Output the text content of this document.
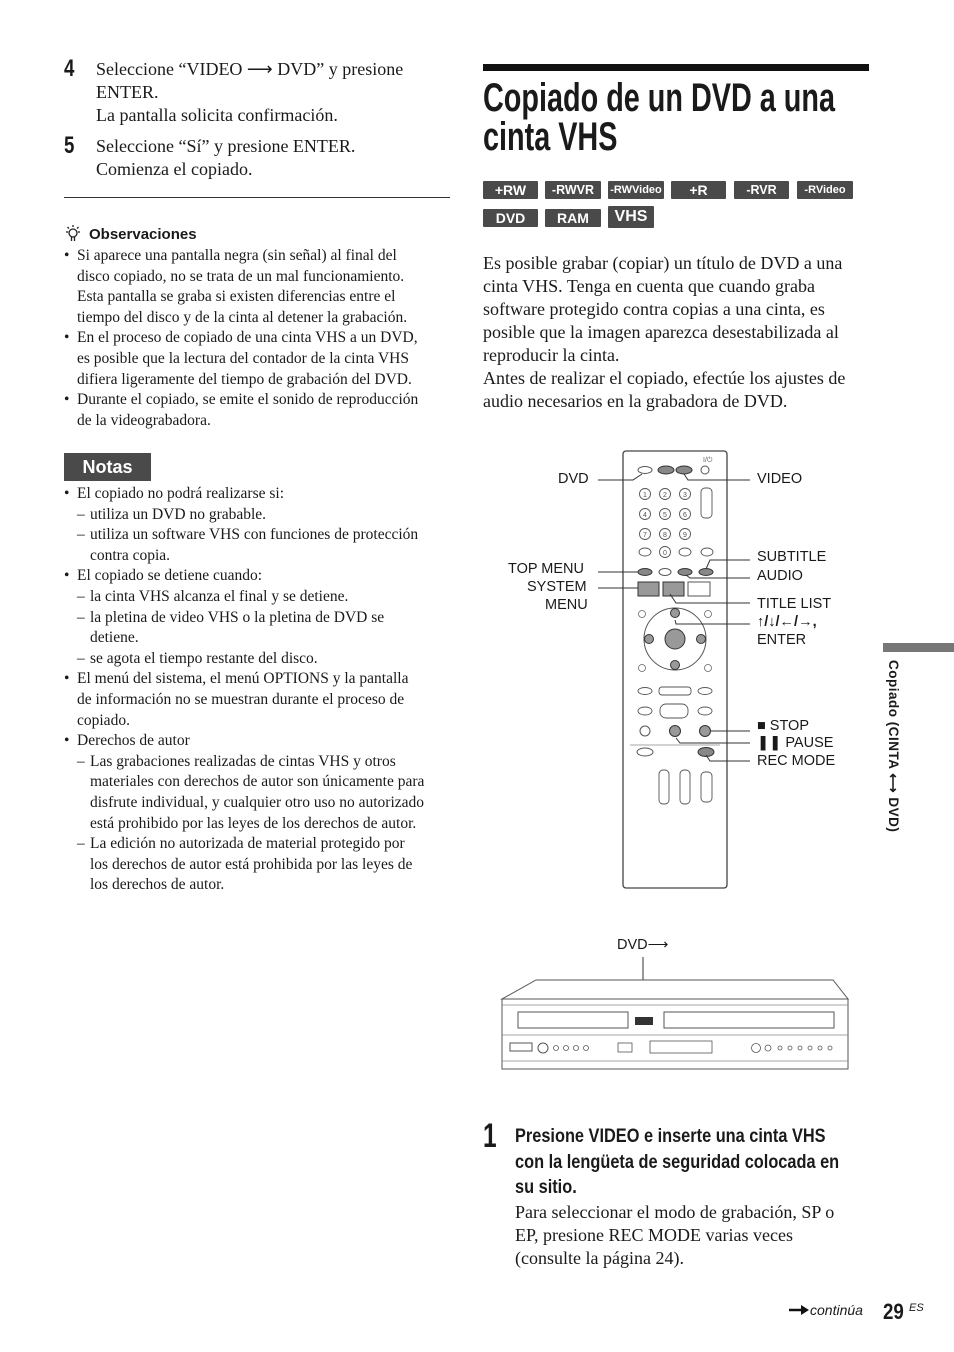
4 Seleccione “VIDEO ⟶ DVD” y presione
ENTER.
La pantalla solicita confirmación.
5 Seleccione “Sí” y presione ENTER.
Comienza el copiado.
Observaciones
• Si aparece una pantalla negra (sin señal) al final del
disco copiado, no se trata de un mal funcionamiento.
Esta pantalla se graba si existen diferencias entre el
tiempo del disco y de la cinta al detener la grabación.
• En el proceso de copiado de una cinta VHS a un DVD,
es posible que la lectura del contador de la cinta VHS
difiera ligeramente del tiempo de grabación del DVD.
• Durante el copiado, se emite el sonido de reproducción
de la videograbadora.
Notas
• El copiado no podrá realizarse si:
– utiliza un DVD no grabable.
– utiliza un software VHS con funciones de protección
contra copia.
• El copiado se detiene cuando:
– la cinta VHS alcanza el final y se detiene.
– la pletina de video VHS o la pletina de DVD se
detiene.
– se agota el tiempo restante del disco.
• El menú del sistema, el menú OPTIONS y la pantalla
de información no se muestran durante el proceso de
copiado.
• Derechos de autor
– Las grabaciones realizadas de cintas VHS y otros
materiales con derechos de autor son únicamente para
disfrute individual, y cualquier otro uso no autorizado
está prohibido por las leyes de los derechos de autor.
– La edición no autorizada de material protegido por
los derechos de autor está prohibida por las leyes de
los derechos de autor.
Copiado de un DVD a una
cinta VHS
+RW	-RWVR	-RWVideo	+R	-RVR	-RVideo
DVD	RAM	VHS
Es posible grabar (copiar) un título de DVD a una
cinta VHS. Tenga en cuenta que cuando graba
software protegido contra copias a una cinta, es
posible que la imagen aparezca desestabilizada al
reproducir la cinta.
Antes de realizar el copiado, efectúe los ajustes de
audio necesarios en la grabadora de DVD.
I/⏻
1 2 3
4 5 6
7 8 9
0
DVD	VIDEO
TOP MENU
SYSTEM
MENU
SUBTITLE
AUDIO
TITLE LIST
↑/↓/←/→,
ENTER
■ STOP
❚❚ PAUSE
REC MODE
DVD⟶
1 Presione VIDEO e inserte una cinta VHS
con la lengüeta de seguridad colocada en
su sitio.
Para seleccionar el modo de grabación, SP o
EP, presione REC MODE varias veces
(consulte la página 24).
Copiado (CINTA ⟷ DVD)
continúa 29 ES
